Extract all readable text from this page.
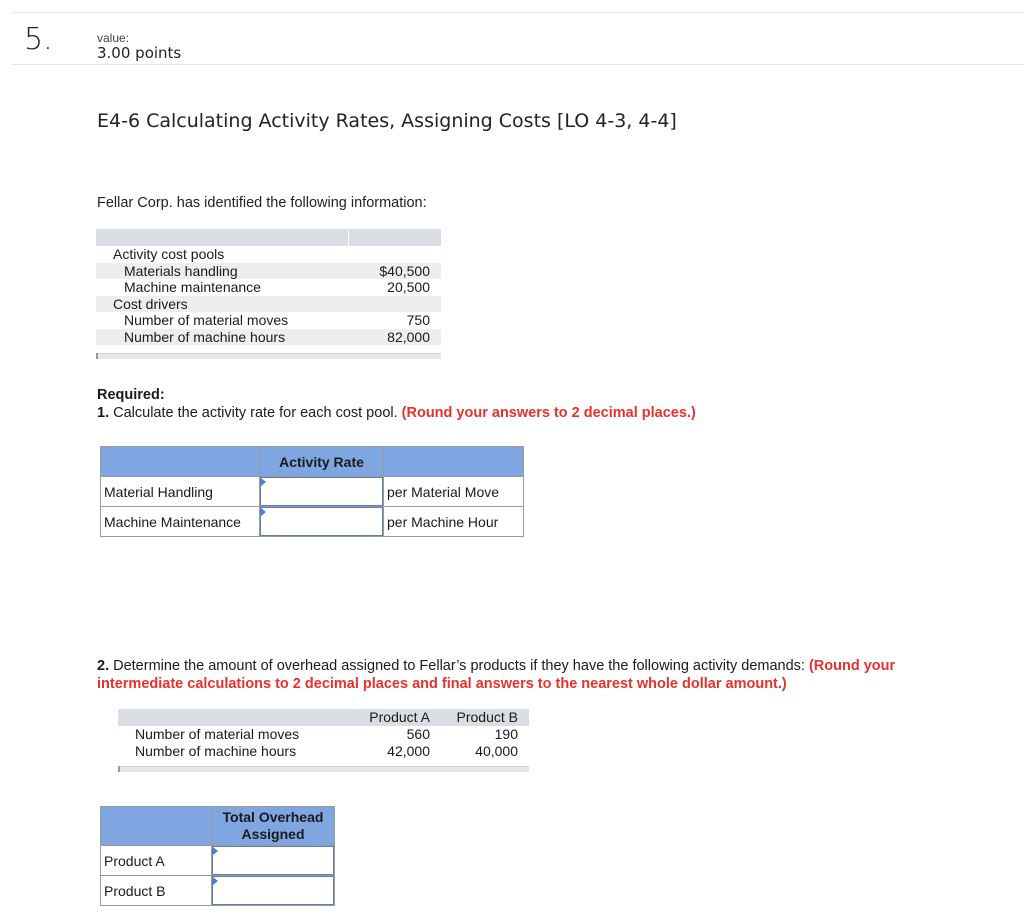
5.	value:
3.00 points
E4-6 Calculating Activity Rates, Assigning Costs [LO 4-3, 4-4]
Fellar Corp. has identified the following information:
Activity cost pools
Materials handling	$40,500
Machine maintenance	20,500
Cost drivers
Number of material moves	750
Number of machine hours	82,000
Required:
1. Calculate the activity rate for each cost pool. (Round your answers to 2 decimal places.)
	Activity Rate	
Material Handling		per Material Move
Machine Maintenance		per Machine Hour
2. Determine the amount of overhead assigned to Fellar’s products if they have the following activity demands: (Round your intermediate calculations to 2 decimal places and final answers to the nearest whole dollar amount.)
Product A Product B
Number of material moves	560	190
Number of machine hours	42,000	40,000

	Total Overhead
Assigned

Product A	

Product B	
